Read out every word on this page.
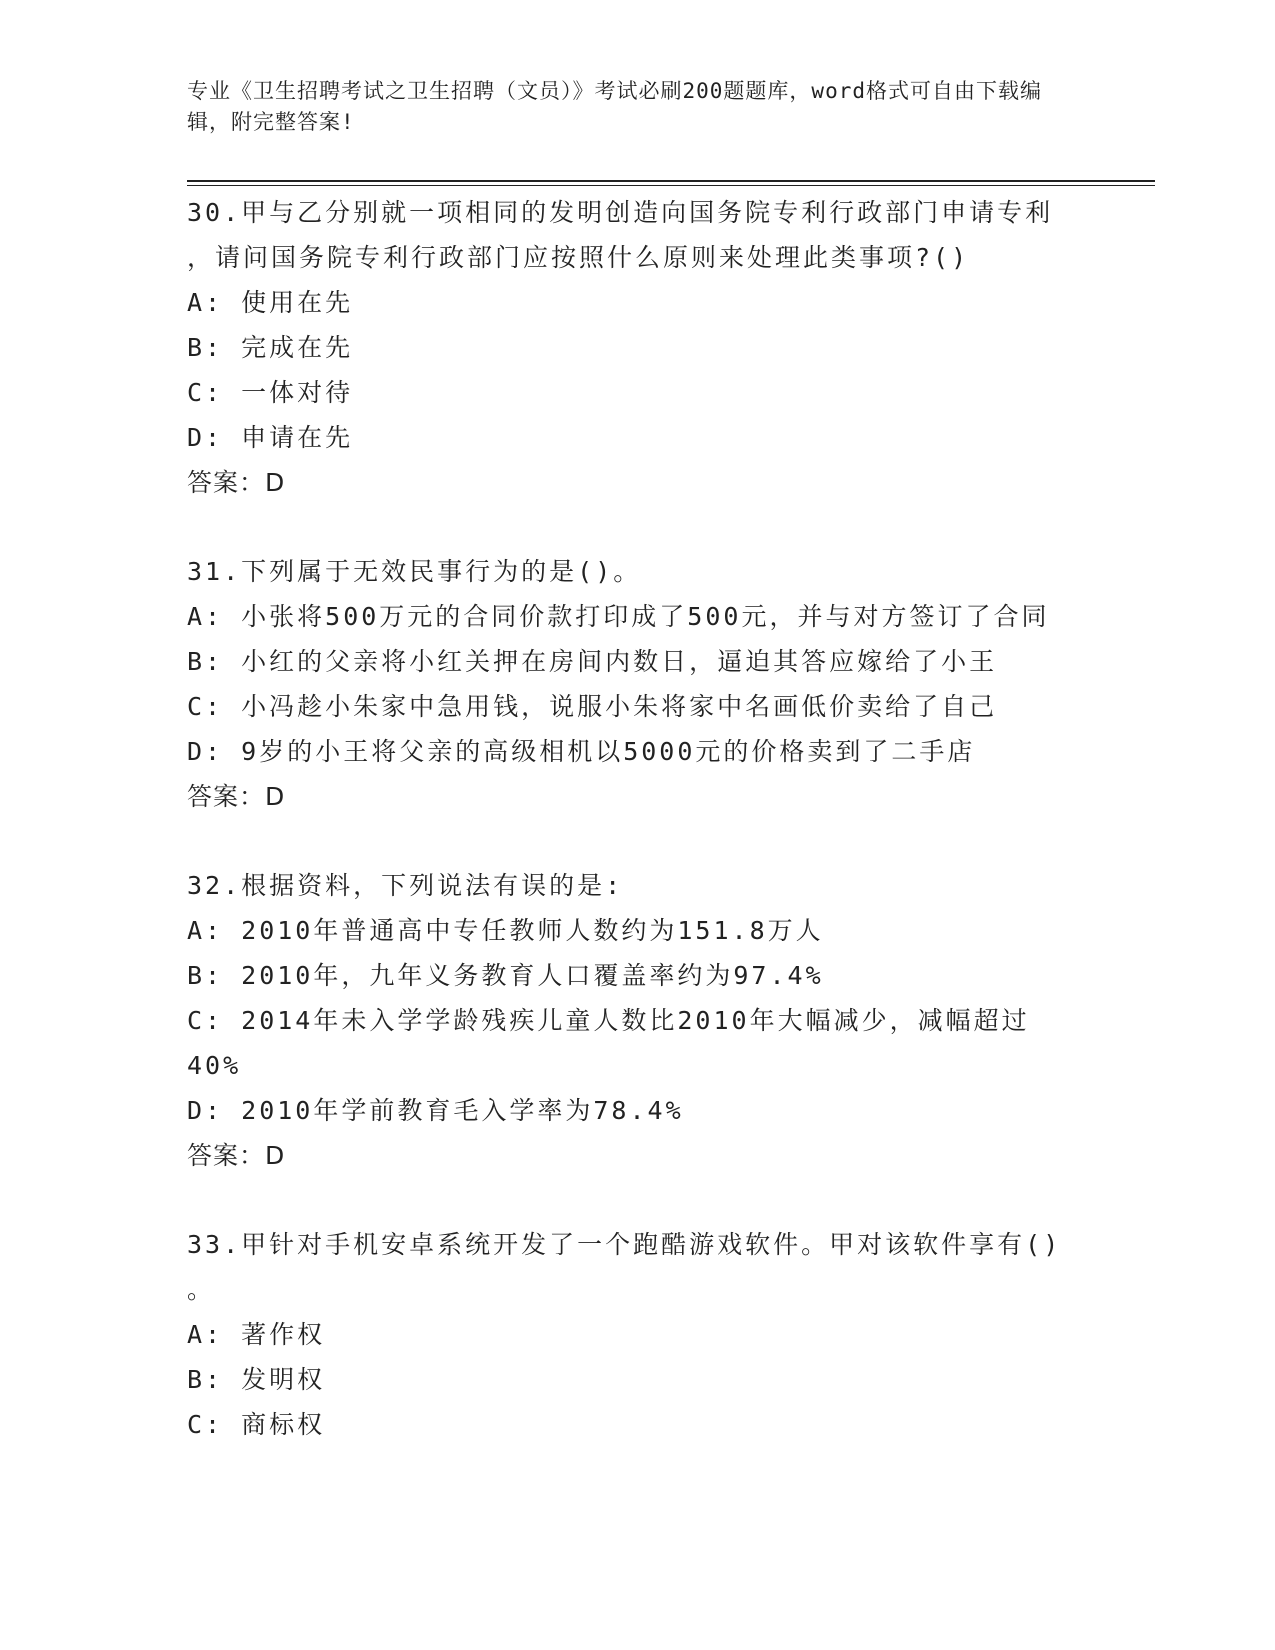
专业《卫生招聘考试之卫生招聘（文员）》考试必刷200题题库，word格式可自由下载编辑，附完整答案!
30.甲与乙分别就一项相同的发明创造向国务院专利行政部门申请专利
，请问国务院专利行政部门应按照什么原则来处理此类事项?()
A: 使用在先
B: 完成在先
C: 一体对待
D: 申请在先
答案：D
31.下列属于无效民事行为的是()。
A: 小张将500万元的合同价款打印成了500元，并与对方签订了合同
B: 小红的父亲将小红关押在房间内数日，逼迫其答应嫁给了小王
C: 小冯趁小朱家中急用钱，说服小朱将家中名画低价卖给了自己
D: 9岁的小王将父亲的高级相机以5000元的价格卖到了二手店
答案：D
32.根据资料，下列说法有误的是:
A: 2010年普通高中专任教师人数约为151.8万人
B: 2010年，九年义务教育人口覆盖率约为97.4%
C: 2014年未入学学龄残疾儿童人数比2010年大幅减少，减幅超过
40%
D: 2010年学前教育毛入学率为78.4%
答案：D
33.甲针对手机安卓系统开发了一个跑酷游戏软件。甲对该软件享有()
。
A: 著作权
B: 发明权
C: 商标权
